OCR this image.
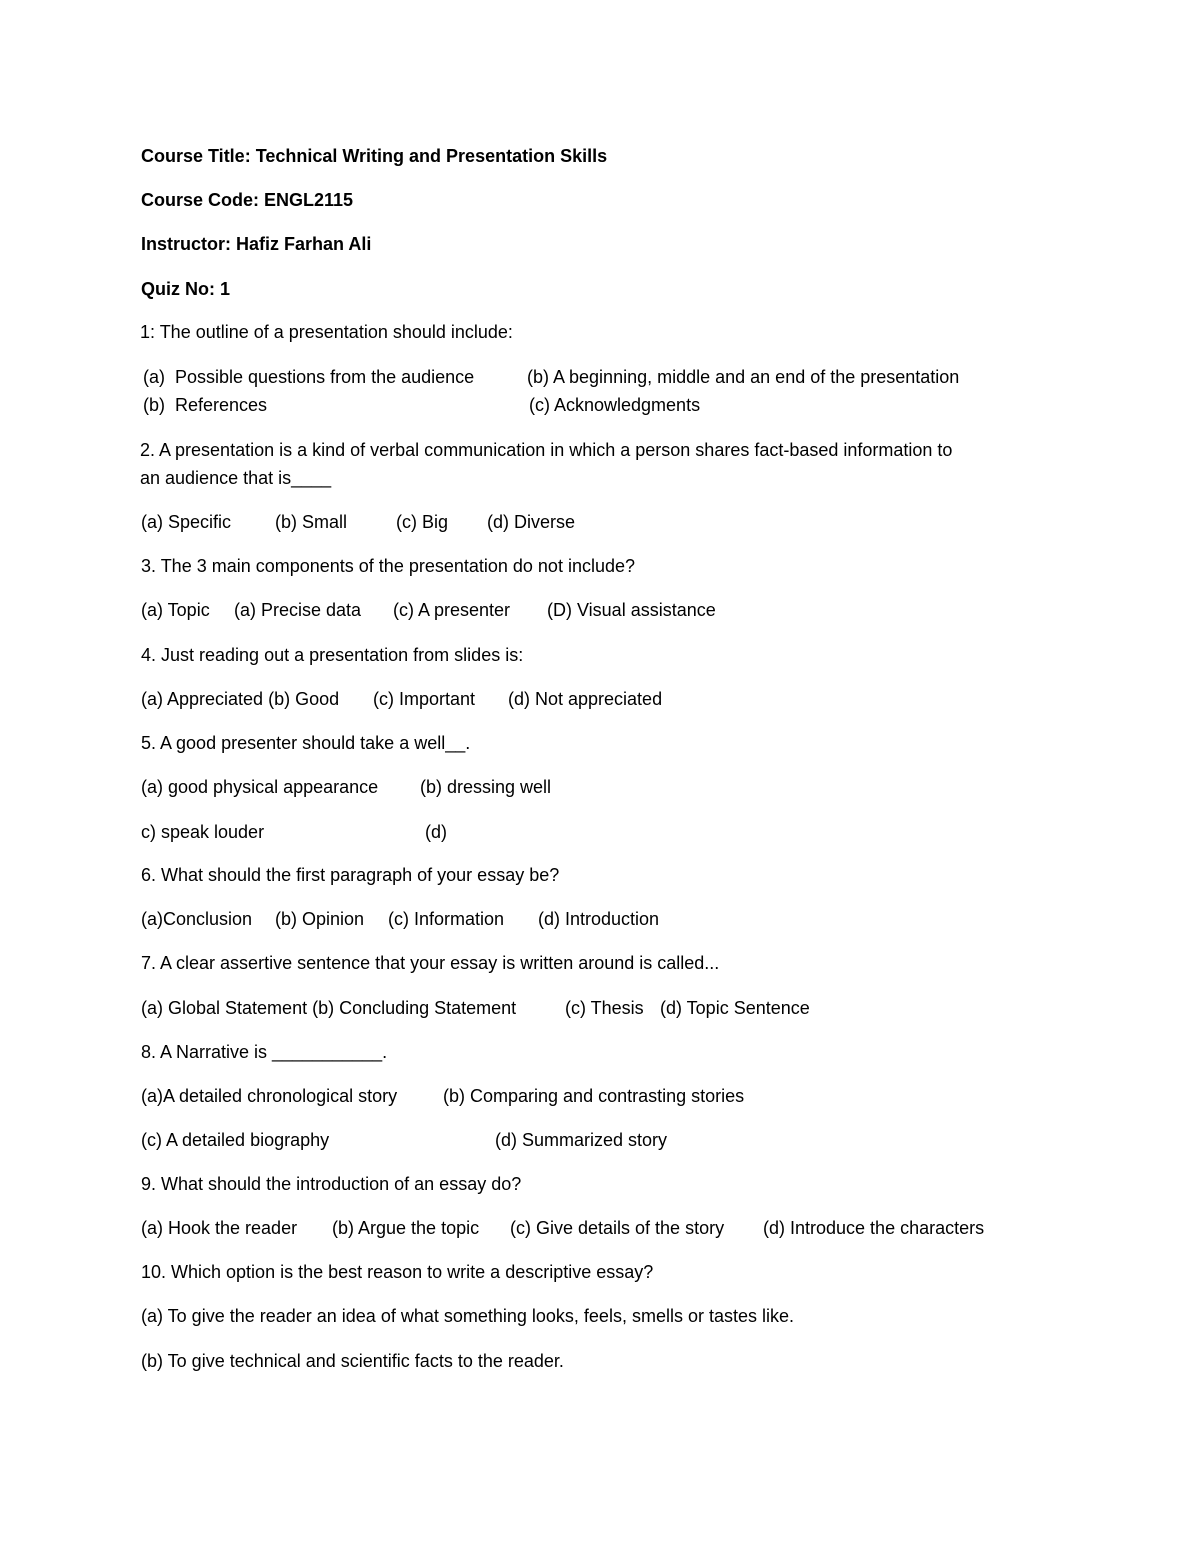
Course Title: Technical Writing and Presentation Skills
Course Code: ENGL2115
Instructor: Hafiz Farhan Ali
Quiz No: 1
1: The outline of a presentation should include:
(a)  Possible questions from the audience	(b) A beginning, middle and an end of the presentation
(b)  References	(c) Acknowledgments
2. A presentation is a kind of verbal communication in which a person shares fact-based information to
an audience that is____
(a) Specific (b) Small	(c) Big (d) Diverse
3. The 3 main components of the presentation do not include?
(a) Topic (a) Precise data (c) A presenter (D) Visual assistance
4. Just reading out a presentation from slides is:
(a) Appreciated (b) Good (c) Important (d) Not appreciated
5. A good presenter should take a well__.
(a) good physical appearance (b) dressing well
c) speak louder	(d)
6. What should the first paragraph of your essay be?
(a)Conclusion (b) Opinion (c) Information (d) Introduction
7. A clear assertive sentence that your essay is written around is called...
(a) Global Statement (b) Concluding Statement	(c) Thesis (d) Topic Sentence
8. A Narrative is ___________.
(a)A detailed chronological story	(b) Comparing and contrasting stories
(c) A detailed biography	(d) Summarized story
9. What should the introduction of an essay do?
(a) Hook the reader (b) Argue the topic (c) Give details of the story (d) Introduce the characters
10. Which option is the best reason to write a descriptive essay?
(a) To give the reader an idea of what something looks, feels, smells or tastes like.
(b) To give technical and scientific facts to the reader.
